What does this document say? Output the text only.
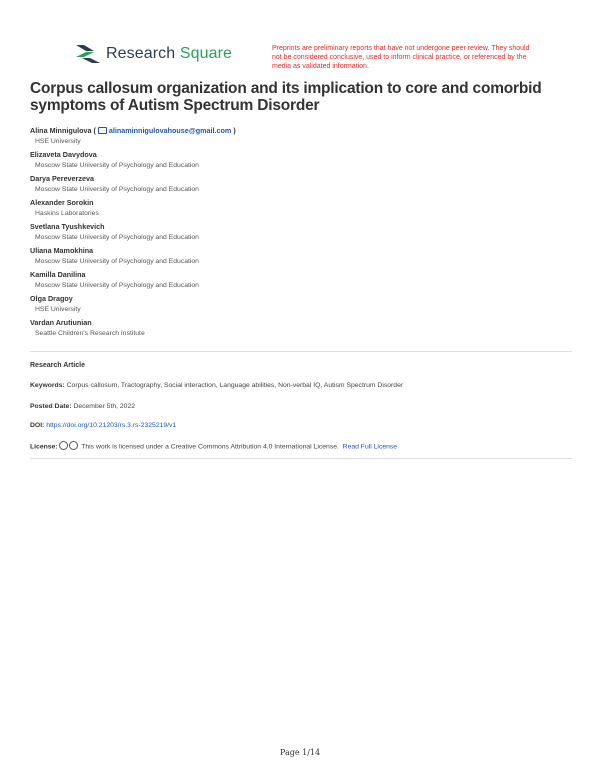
Research Square	Preprints are preliminary reports that have not undergone peer review. They should not be considered conclusive, used to inform clinical practice, or referenced by the media as validated information.
Corpus callosum organization and its implication to core and comorbid symptoms of Autism Spectrum Disorder
Alina Minnigulova ( alinaminnigulovahouse@gmail.com )
HSE University
Elizaveta Davydova
Moscow State University of Psychology and Education
Darya Pereverzeva
Moscow State University of Psychology and Education
Alexander Sorokin
Haskins Laboratories
Svetlana Tyushkevich
Moscow State University of Psychology and Education
Uliana Mamokhina
Moscow State University of Psychology and Education
Kamilla Danilina
Moscow State University of Psychology and Education
Olga Dragoy
HSE University
Vardan Arutiunian
Seattle Children's Research Institute
Research Article
Keywords: Corpus callosum, Tractography, Social interaction, Language abilities, Non-verbal IQ, Autism Spectrum Disorder
Posted Date: December 5th, 2022
DOI: https://doi.org/10.21203/rs.3.rs-2325219/v1
License:	This work is licensed under a Creative Commons Attribution 4.0 International License. Read Full License
Page 1/14
